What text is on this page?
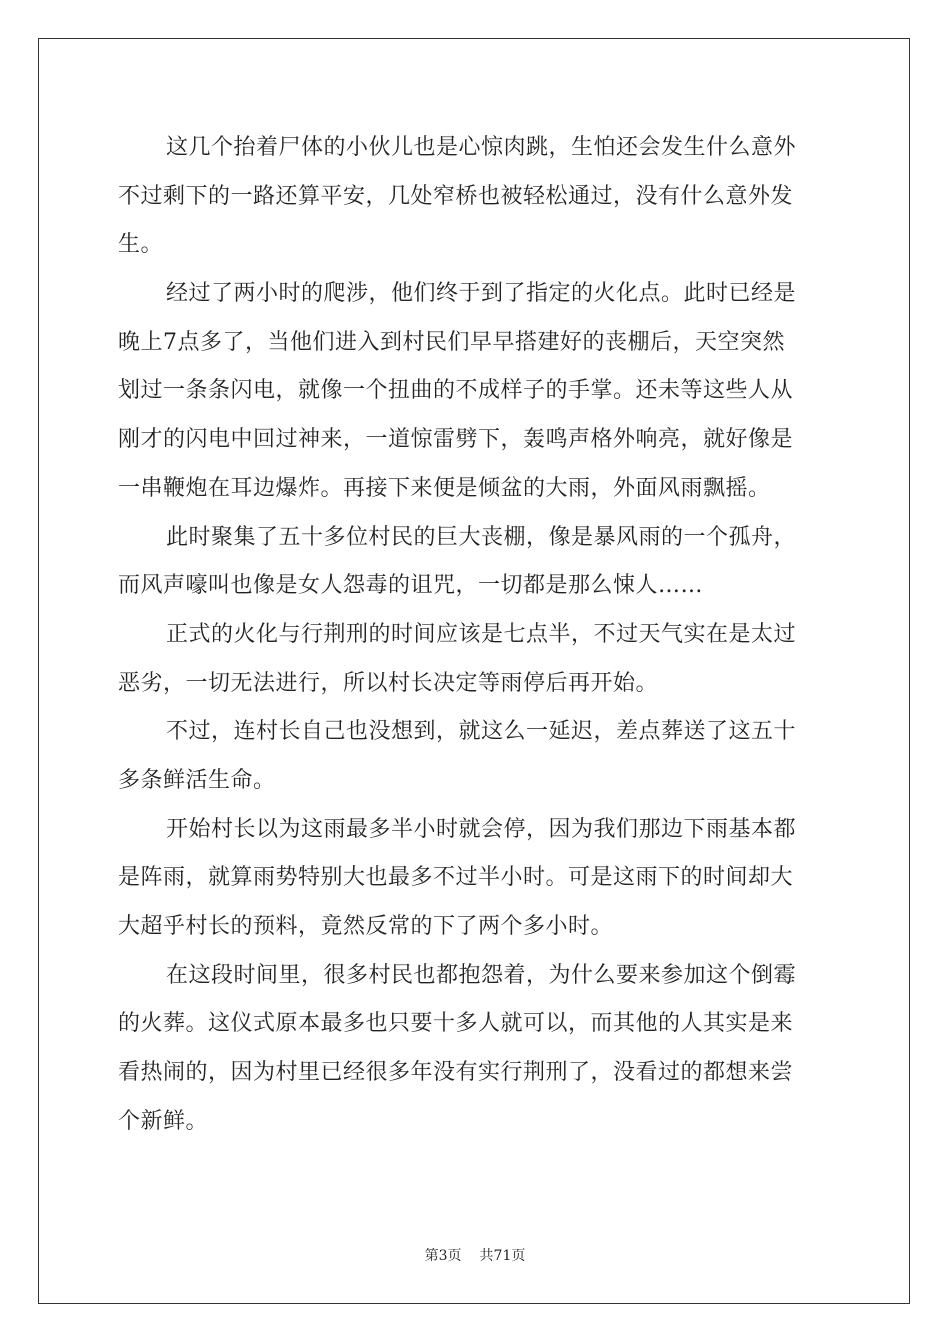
这几个抬着尸体的小伙儿也是心惊肉跳，生怕还会发生什么意外
不过剩下的一路还算平安，几处窄桥也被轻松通过，没有什么意外发
生。
经过了两小时的爬涉，他们终于到了指定的火化点。此时已经是
晚上7点多了，当他们进入到村民们早早搭建好的丧棚后，天空突然
划过一条条闪电，就像一个扭曲的不成样子的手掌。还未等这些人从
刚才的闪电中回过神来，一道惊雷劈下，轰鸣声格外响亮，就好像是
一串鞭炮在耳边爆炸。再接下来便是倾盆的大雨，外面风雨飘摇。
此时聚集了五十多位村民的巨大丧棚，像是暴风雨的一个孤舟，
而风声嚎叫也像是女人怨毒的诅咒，一切都是那么悚人……
正式的火化与行荆刑的时间应该是七点半，不过天气实在是太过
恶劣，一切无法进行，所以村长决定等雨停后再开始。
不过，连村长自己也没想到，就这么一延迟，差点葬送了这五十
多条鲜活生命。
开始村长以为这雨最多半小时就会停，因为我们那边下雨基本都
是阵雨，就算雨势特别大也最多不过半小时。可是这雨下的时间却大
大超乎村长的预料，竟然反常的下了两个多小时。
在这段时间里，很多村民也都抱怨着，为什么要来参加这个倒霉
的火葬。这仪式原本最多也只要十多人就可以，而其他的人其实是来
看热闹的，因为村里已经很多年没有实行荆刑了，没看过的都想来尝
个新鲜。
第3页 共71页
